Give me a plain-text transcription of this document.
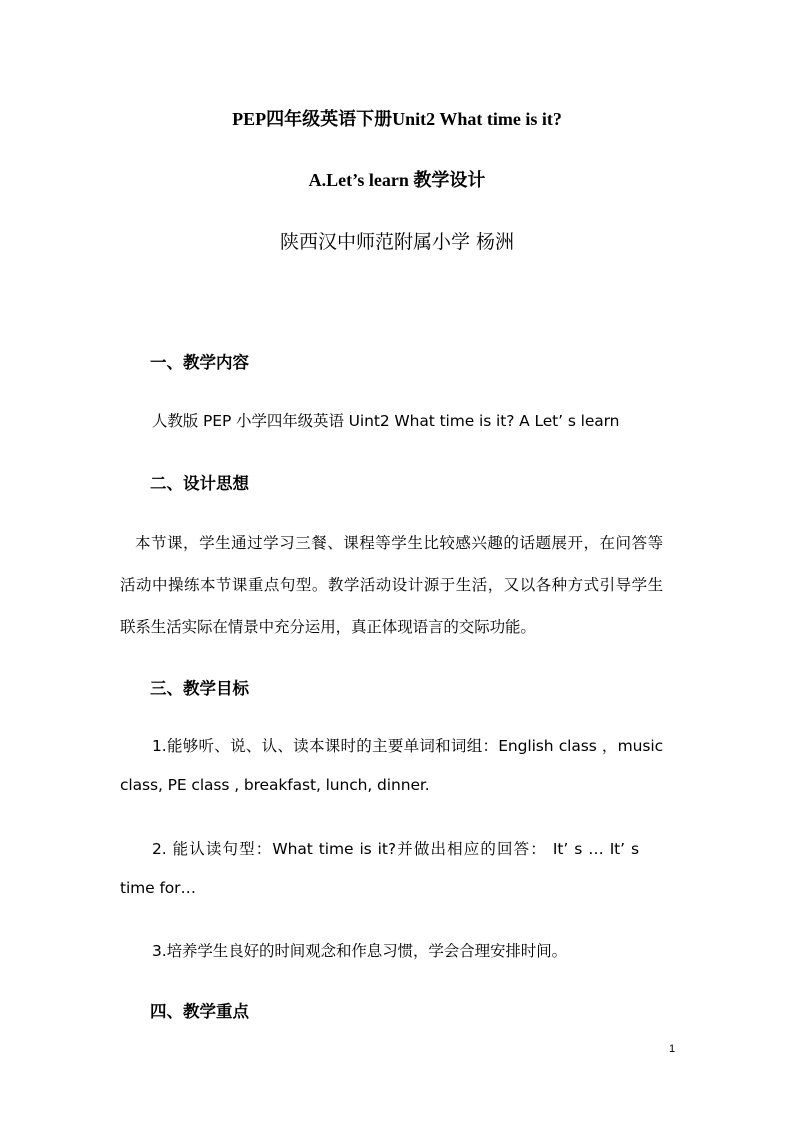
PEP四年级英语下册Unit2 What time is it?
A.Let’s learn 教学设计
陕西汉中师范附属小学 杨洲
一、教学内容
人教版 PEP 小学四年级英语 Uint2 What time is it? A Let’ s learn
二、设计思想
本节课，学生通过学习三餐、课程等学生比较感兴趣的话题展开，在问答等
活动中操练本节课重点句型。教学活动设计源于生活，又以各种方式引导学生
联系生活实际在情景中充分运用，真正体现语言的交际功能。
三、教学目标
1.能够听、说、认、读本课时的主要单词和词组：English class ，music
class, PE class , breakfast, lunch, dinner.
2. 能认读句型：What time is it?并做出相应的回答： It’ s … It’ s
time for…
3.培养学生良好的时间观念和作息习惯，学会合理安排时间。
四、教学重点
1
